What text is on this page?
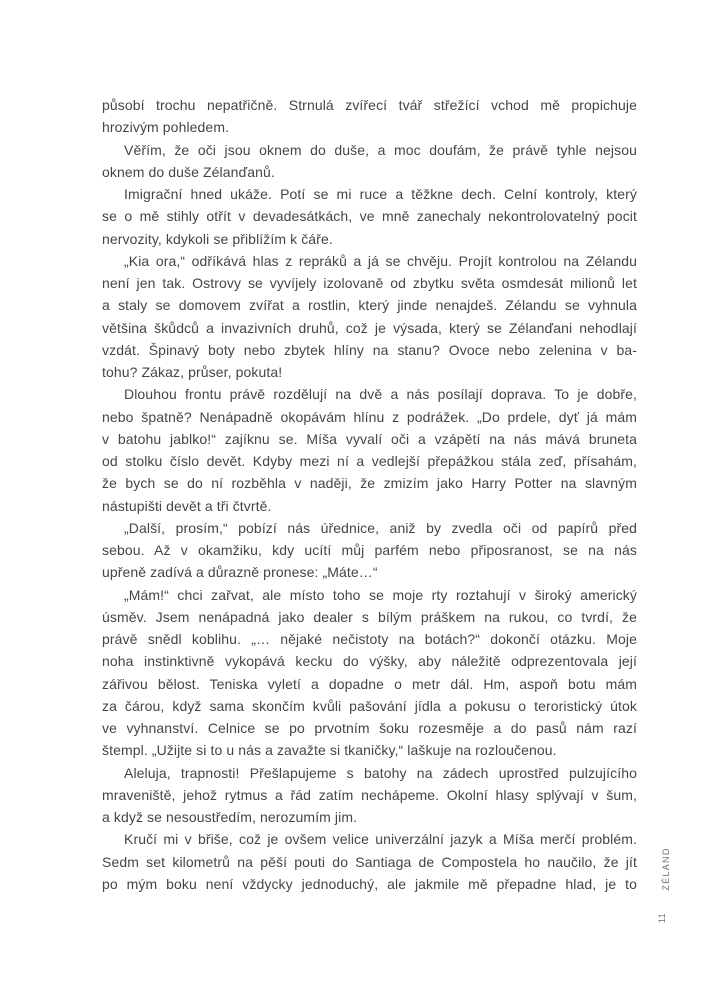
působí trochu nepatřičně. Strnulá zvířecí tvář střežící vchod mě propichuje
hrozivým pohledem.
Věřím, že oči jsou oknem do duše, a moc doufám, že právě tyhle nejsou
oknem do duše Zélanďanů.
Imigrační hned ukáže. Potí se mi ruce a těžkne dech. Celní kontroly, který
se o mě stihly otřít v devadesátkách, ve mně zanechaly nekontrolovatelný pocit
nervozity, kdykoli se přiblížím k čáře.
„Kia ora,“ odříkává hlas z repráků a já se chvěju. Projít kontrolou na Zélandu
není jen tak. Ostrovy se vyvíjely izolovaně od zbytku světa osmdesát milionů let
a staly se domovem zvířat a rostlin, který jinde nenajdeš. Zélandu se vyhnula
většina škůdců a invazivních druhů, což je výsada, který se Zélanďani nehodlají
vzdát. Špinavý boty nebo zbytek hlíny na stanu? Ovoce nebo zelenina v ba-
tohu? Zákaz, průser, pokuta!
Dlouhou frontu právě rozdělují na dvě a nás posílají doprava. To je dobře,
nebo špatně? Nenápadně okopávám hlínu z podrážek. „Do prdele, dyť já mám
v batohu jablko!“ zajíknu se. Míša vyvalí oči a vzápětí na nás mává bruneta
od stolku číslo devět. Kdyby mezi ní a vedlejší přepážkou stála zeď, přísahám,
že bych se do ní rozběhla v naději, že zmizím jako Harry Potter na slavným
nástupišti devět a tři čtvrtě.
„Další, prosím,“ pobízí nás úřednice, aniž by zvedla oči od papírů před
sebou. Až v okamžiku, kdy ucítí můj parfém nebo připosranost, se na nás
upřeně zadívá a důrazně pronese: „Máte…“
„Mám!“ chci zařvat, ale místo toho se moje rty roztahují v široký americký
úsměv. Jsem nenápadná jako dealer s bílým práškem na rukou, co tvrdí, že
právě snědl koblihu. „… nějaké nečistoty na botách?“ dokončí otázku. Moje
noha instinktivně vykopává kecku do výšky, aby náležitě odprezentovala její
zářivou bělost. Teniska vyletí a dopadne o metr dál. Hm, aspoň botu mám
za čárou, když sama skončím kvůli pašování jídla a pokusu o teroristický útok
ve vyhnanství. Celnice se po prvotním šoku rozesměje a do pasů nám razí
štempl. „Užijte si to u nás a zavažte si tkaničky,“ laškuje na rozloučenou.
Aleluja, trapnosti! Přešlapujeme s batohy na zádech uprostřed pulzujícího
mraveniště, jehož rytmus a řád zatím nechápeme. Okolní hlasy splývají v šum,
a když se nesoustředím, nerozumím jim.
Kručí mi v břiše, což je ovšem velice univerzální jazyk a Míša merčí problém.
Sedm set kilometrů na pěší pouti do Santiaga de Compostela ho naučilo, že jít
po mým boku není vždycky jednoduchý, ale jakmile mě přepadne hlad, je to	ZÉLAND
11
